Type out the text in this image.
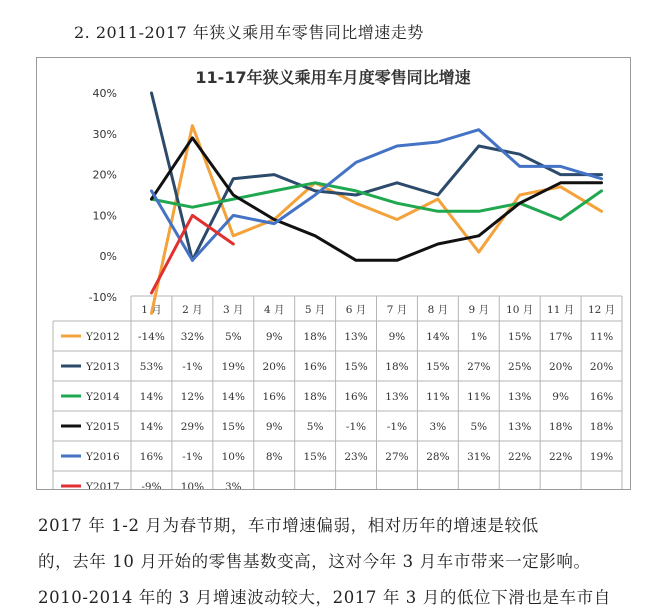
2. 2011-2017 年狭义乘用车零售同比增速走势
11-17年狭义乘用车月度零售同比增速
40%
30%
20%
10%
0%
-10%
1 月 2 月 3 月 4 月 5 月 6 月 7 月 8 月 9 月 10 月 11 月 12 月
Y2012 -14% 32% 5% 9% 18% 13% 9% 14% 1% 15% 17% 11%
Y2013 53% -1% 19% 20% 16% 15% 18% 15% 27% 25% 20% 20%
Y2014 14% 12% 14% 16% 18% 16% 13% 11% 11% 13% 9% 16%
Y2015 14% 29% 15% 9% 5% -1% -1% 3% 5% 13% 18% 18%
Y2016 16% -1% 10% 8% 15% 23% 27% 28% 31% 22% 22% 19%
Y2017 -9% 10% 3%
2017 年 1-2 月为春节期，车市增速偏弱，相对历年的增速是较低
的，去年 10 月开始的零售基数变高，这对今年 3 月车市带来一定影响。
2010-2014 年的 3 月增速波动较大，2017 年 3 月的低位下滑也是车市自
